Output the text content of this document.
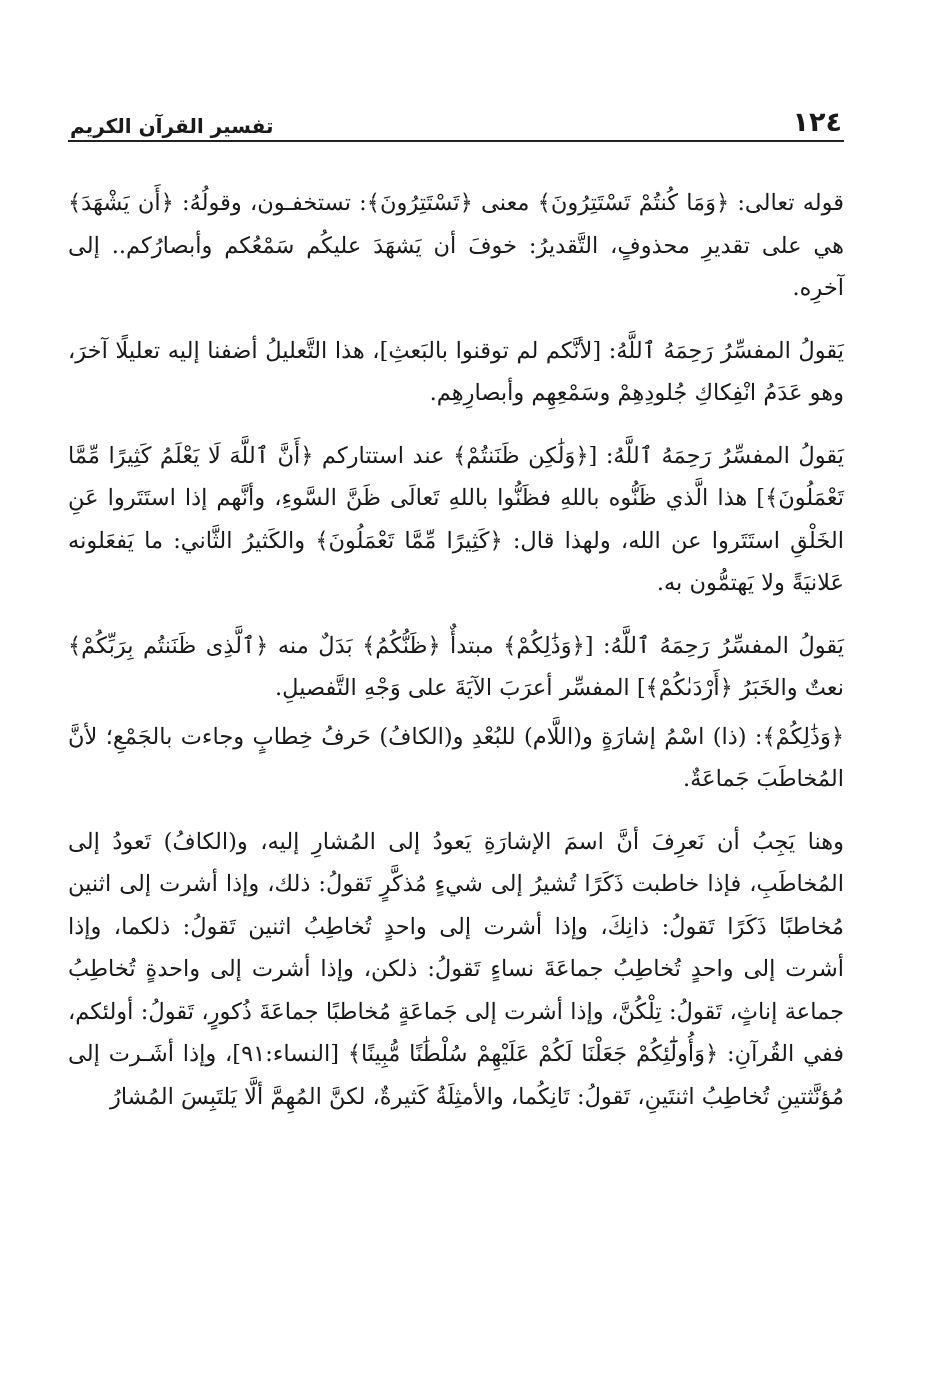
١٢٤
تفسير القرآن الكريم

قوله تعالى: ﴿وَمَا كُنتُمْ تَسْتَتِرُونَ﴾ معنى ﴿تَسْتَتِرُونَ﴾: تستخفـون، وقولُهُ: ﴿أَن يَشْهَدَ﴾ هي على تقديرِ محذوفٍ، التَّقديرُ: خوفَ أن يَشهَدَ عليكُم سَمْعُكم وأبصارُكم.. إلى آخرِه.

يَقولُ المفسِّرُ رَحِمَهُ ٱللَّهُ: [لأنَّكم لم توقنوا بالبَعثِ]، هذا التَّعليلُ أضفنا إليه تعليلًا آخرَ، وهو عَدَمُ انْفِكاكِ جُلودِهِمْ وسَمْعِهِم وأبصارِهِم.

يَقولُ المفسِّرُ رَحِمَهُ ٱللَّهُ: [﴿وَلَٰكِن ظَنَنتُمْ﴾ عند استتاركم ﴿أَنَّ ٱللَّهَ لَا يَعْلَمُ كَثِيرًا مِّمَّا تَعْمَلُونَ﴾] هذا الَّذي ظَنُّوه باللهِ فظَنُّوا باللهِ تَعالَى ظَنَّ السَّوءِ، وأنَّهم إذا استَتَروا عَنِ الخَلْقِ استَتَروا عن الله، ولهذا قال: ﴿كَثِيرًا مِّمَّا تَعْمَلُونَ﴾ والكَثيرُ الثَّاني: ما يَفعَلونه عَلانيَةً ولا يَهتمُّون به.

يَقولُ المفسِّرُ رَحِمَهُ ٱللَّهُ: [﴿وَذَٰلِكُمْ﴾ مبتدأٌ ﴿ظَنُّكُمُ﴾ بَدَلٌ منه ﴿ٱلَّذِى ظَنَنتُم بِرَبِّكُمْ﴾ نعتٌ والخَبَرُ ﴿أَرْدَىٰكُمْ﴾] المفسِّر أعرَبَ الآيَةَ على وَجْهِ التَّفصيلِ.

﴿وَذَٰلِكُمْ﴾: (ذا) اسْمُ إشارَةٍ و(اللَّام) للبُعْدِ و(الكافُ) حَرفُ خِطابٍ وجاءت بالجَمْعِ؛ لأنَّ المُخاطَبَ جَماعَةٌ.

وهنا يَجِبُ أن نَعرِفَ أنَّ اسمَ الإشارَةِ يَعودُ إلى المُشارِ إليه، و(الكافُ) تَعودُ إلى المُخاطَبِ، فإذا خاطبت ذَكَرًا تُشيرُ إلى شيءٍ مُذكَّرٍ تَقولُ: ذلك، وإذا أشرت إلى اثنين مُخاطبًا ذَكَرًا تَقولُ: ذانِكَ، وإذا أشرت إلى واحدٍ تُخاطِبُ اثنين تَقولُ: ذلكما، وإذا أشرت إلى واحدٍ تُخاطِبُ جماعَةَ نساءٍ تَقولُ: ذلكن، وإذا أشرت إلى واحدةٍ تُخاطِبُ جماعة إناثٍ، تَقولُ: تِلْكُنَّ، وإذا أشرت إلى جَماعَةٍ مُخاطبًا جماعَةَ ذُكورٍ، تَقولُ: أولئكم، ففي القُرآنِ: ﴿وَأُولَٰٓئِكُمْ جَعَلْنَا لَكُمْ عَلَيْهِمْ سُلْطَٰنًا مُّبِينًا﴾ [النساء:٩١]، وإذا أشَـرت إلى مُؤنَّثتينِ تُخاطِبُ اثنتَينِ، تَقولُ: تَانِكُما، والأمثِلَةُ كَثيرةٌ، لكنَّ المُهِمَّ ألَّا يَلتَبِسَ المُشارُ
